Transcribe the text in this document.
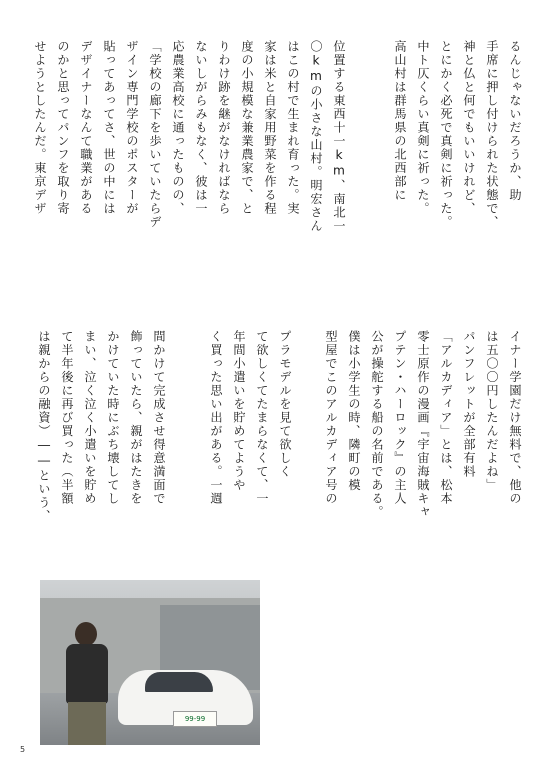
るんじゃないだろうか、助
手席に押し付けられた状態で、
神と仏と何でもいいけれど、
とにかく必死で真剣に祈った。
中ト仄くらい真剣に祈った。
高山村は群馬県の北西部に
位置する東西十一km、南北一
〇kmの小さな山村。明宏さん
はこの村で生まれ育った。実
家は米と自家用野菜を作る程
度の小規模な兼業農家で、と
りわけ跡を継がなければなら
ないしがらみもなく、彼は一
応農業高校に通ったものの、
「学校の廊下を歩いていたらデ
ザイン専門学校のポスターが
貼ってあってさ、世の中には
デザイナーなんて職業がある
のかと思ってパンフを取り寄
せようとしたんだ。東京デザ
イナー学園だけ無料で、他の
は五〇〇円したんだよね」
パンフレットが全部有料
「アルカディア」とは、松本
零士原作の漫画『宇宙海賊キャ
プテン・ハーロック』の主人
公が操舵する船の名前である。
僕は小学生の時、隣町の模
型屋でこのアルカディア号の
プラモデルを見て欲しく
て欲しくてたまらなくて、一
年間小遣いを貯めてようや
く買った思い出がある。一週
間かけて完成させ得意満面で
飾っていたら、親がはたきを
かけていた時にぶち壊してし
まい、泣く泣く小遣いを貯め
て半年後に再び買った（半額
は親からの融資）――という、
99-99
5
